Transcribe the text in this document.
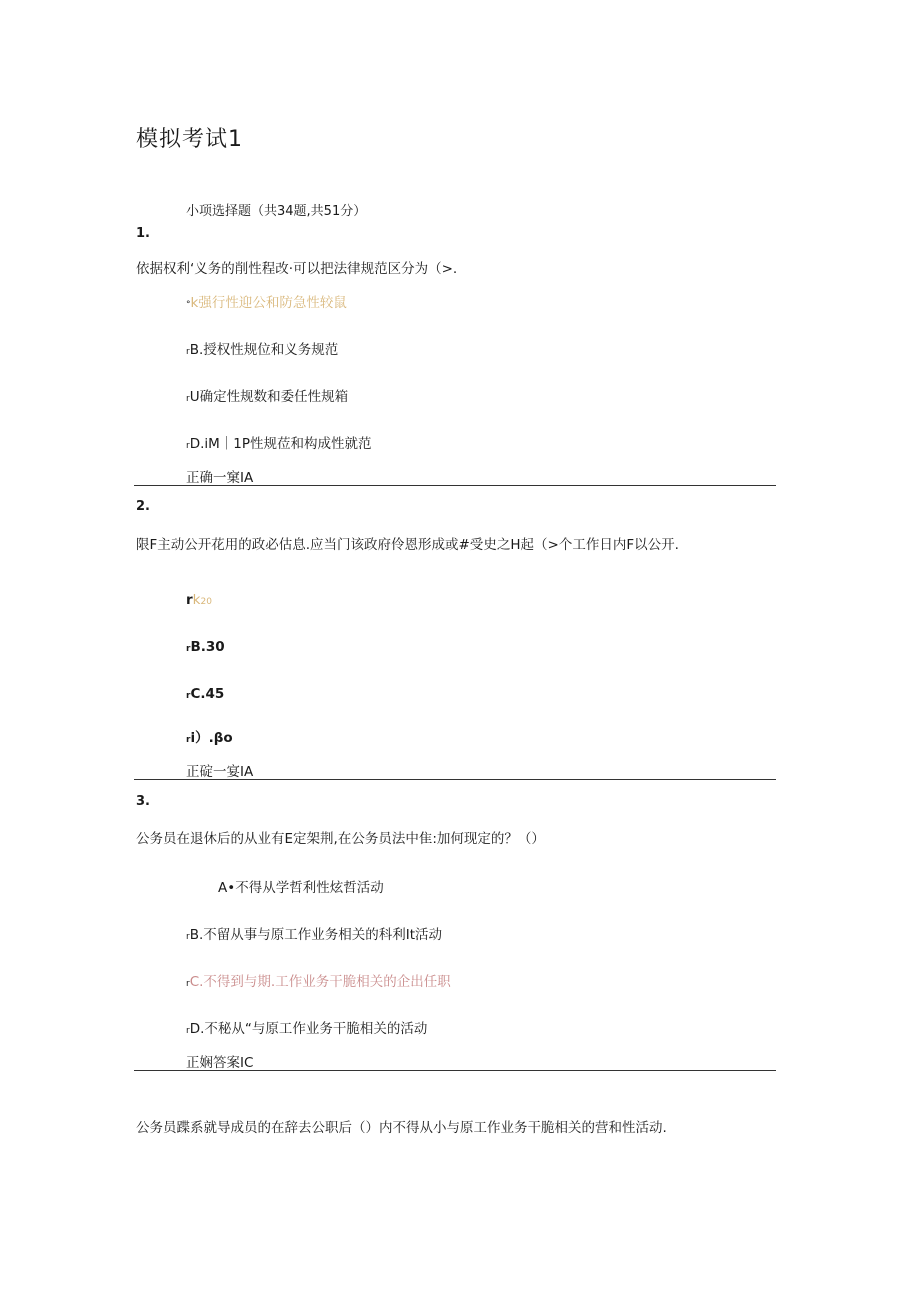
模拟考试1
小项选择题（共34题,共51分）
1.
依据权利‘义务的削性程改·可以把法律规范区分为（>.
°k强行性迎公和防急性较鼠
rB.授权性规位和义务规范
rU确定性规数和委任性规箱
rD.iM｜1P性规莅和构成性就范
正确一窠IA
2.
限F主动公开花用的政必估息.应当门该政府伶恩形成或#受史之H起（>个工作日内F以公开.
rk20
rB.30
rC.45
ri）.βo
正碇一宴IA
3.
公务员在退休后的从业有E定架荆,在公务员法中隹:加何现定的？（）
A•不得从学哲利性炫哲活动
rB.不留从事与原工作业务相关的科利It活动
rC.不得到与期.工作业务干脆相关的企出任职
rD.不秘从“与原工作业务干脆相关的活动
正娴答案IC
公务员蹀系就导成员的在辞去公职后（）内不得从小与原工作业务干脆相关的营和性活动.
